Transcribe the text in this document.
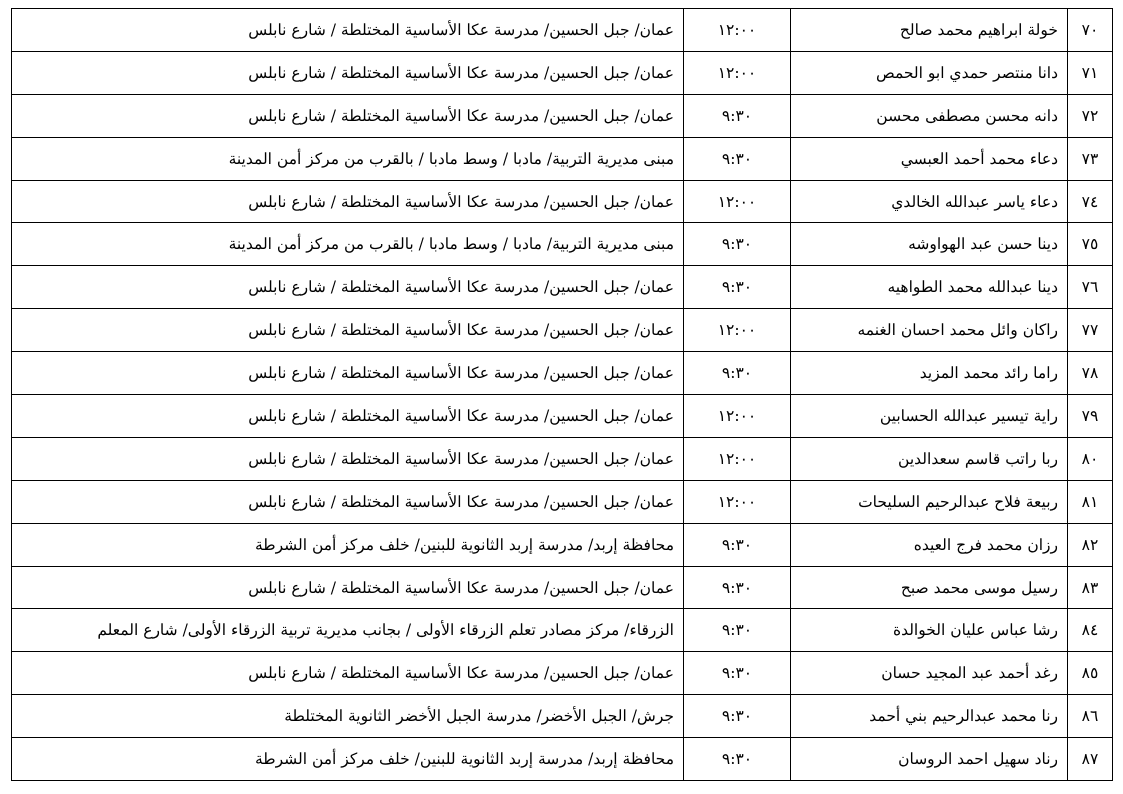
٧٠	خولة ابراهيم محمد صالح	١٢:٠٠	عمان/ جبل الحسين/ مدرسة عكا الأساسية المختلطة / شارع نابلس
٧١	دانا منتصر حمدي ابو الحمص	١٢:٠٠	عمان/ جبل الحسين/ مدرسة عكا الأساسية المختلطة / شارع نابلس
٧٢	دانه محسن مصطفى محسن	٩:٣٠	عمان/ جبل الحسين/ مدرسة عكا الأساسية المختلطة / شارع نابلس
٧٣	دعاء محمد أحمد العبسي	٩:٣٠	مبنى مديرية التربية/ مادبا / وسط مادبا / بالقرب من مركز أمن المدينة
٧٤	دعاء ياسر عبدالله الخالدي	١٢:٠٠	عمان/ جبل الحسين/ مدرسة عكا الأساسية المختلطة / شارع نابلس
٧٥	دينا حسن عبد الهواوشه	٩:٣٠	مبنى مديرية التربية/ مادبا / وسط مادبا / بالقرب من مركز أمن المدينة
٧٦	دينا عبدالله محمد الطواهيه	٩:٣٠	عمان/ جبل الحسين/ مدرسة عكا الأساسية المختلطة / شارع نابلس
٧٧	راكان وائل محمد احسان الغنمه	١٢:٠٠	عمان/ جبل الحسين/ مدرسة عكا الأساسية المختلطة / شارع نابلس
٧٨	راما رائد محمد المزيد	٩:٣٠	عمان/ جبل الحسين/ مدرسة عكا الأساسية المختلطة / شارع نابلس
٧٩	راية تيسير عبدالله الحسابين	١٢:٠٠	عمان/ جبل الحسين/ مدرسة عكا الأساسية المختلطة / شارع نابلس
٨٠	ربا راتب قاسم سعدالدين	١٢:٠٠	عمان/ جبل الحسين/ مدرسة عكا الأساسية المختلطة / شارع نابلس
٨١	ربيعة فلاح عبدالرحيم السليحات	١٢:٠٠	عمان/ جبل الحسين/ مدرسة عكا الأساسية المختلطة / شارع نابلس
٨٢	رزان محمد فرج العيده	٩:٣٠	محافظة إربد/ مدرسة إربد الثانوية للبنين/ خلف مركز أمن الشرطة
٨٣	رسيل موسى محمد صبح	٩:٣٠	عمان/ جبل الحسين/ مدرسة عكا الأساسية المختلطة / شارع نابلس
٨٤	رشا عباس عليان الخوالدة	٩:٣٠	الزرقاء/ مركز مصادر تعلم الزرقاء الأولى / بجانب مديرية تربية الزرقاء الأولى/ شارع المعلم
٨٥	رغد أحمد عبد المجيد حسان	٩:٣٠	عمان/ جبل الحسين/ مدرسة عكا الأساسية المختلطة / شارع نابلس
٨٦	رنا محمد عبدالرحيم بني أحمد	٩:٣٠	جرش/ الجبل الأخضر/ مدرسة الجبل الأخضر الثانوية المختلطة
٨٧	رناد سهيل احمد الروسان	٩:٣٠	محافظة إربد/ مدرسة إربد الثانوية للبنين/ خلف مركز أمن الشرطة
